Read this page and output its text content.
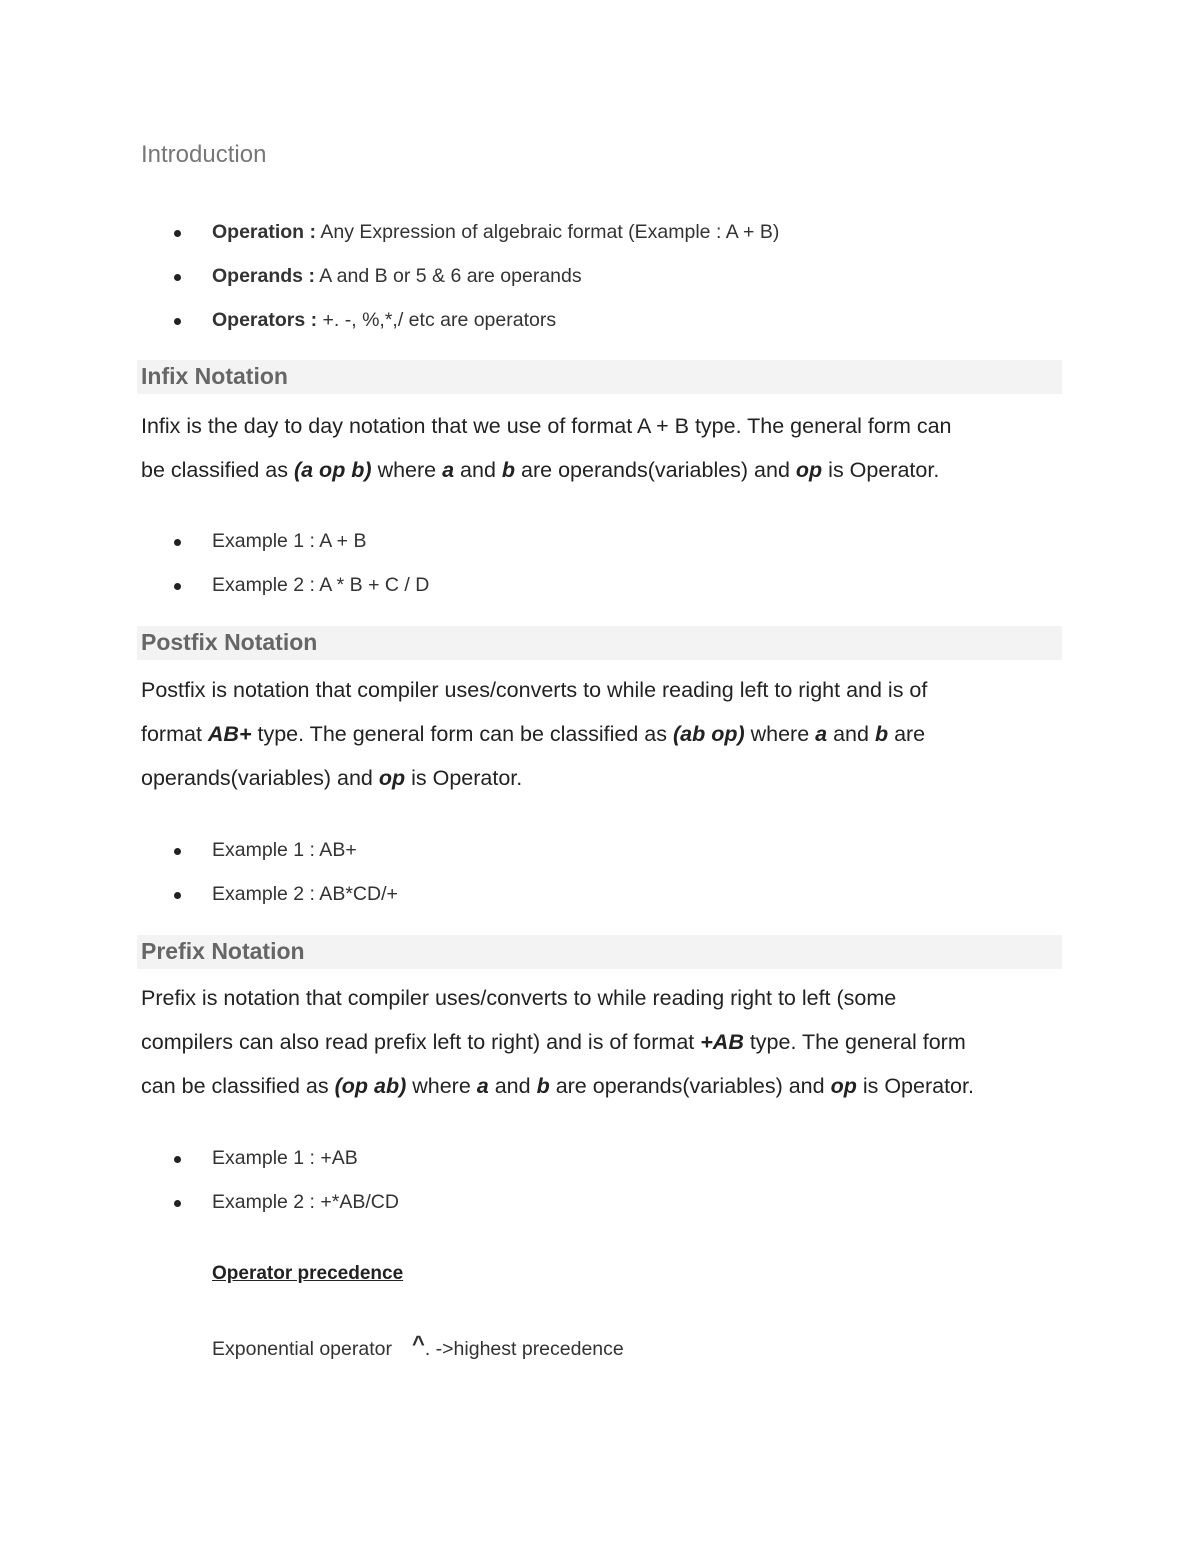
Introduction
Operator precedence
Exponential operator ^. ->highest precedence
Operation : Any Expression of algebraic format (Example : A + B)
Operands : A and B or 5 & 6 are operands
Operators : +. -, %,*,/ etc are operators
Infix Notation
Infix is the day to day notation that we use of format A + B type. The general form can
be classified as (a op b) where a and b are operands(variables) and op is Operator.
Example 1 : A + B
Example 2 : A * B + C / D
Postfix Notation
Postfix is notation that compiler uses/converts to while reading left to right and is of
format AB+ type. The general form can be classified as (ab op) where a and b are
operands(variables) and op is Operator.
Example 1 : AB+
Example 2 : AB*CD/+
Prefix Notation
Prefix is notation that compiler uses/converts to while reading right to left (some
compilers can also read prefix left to right) and is of format +AB type. The general form
can be classified as (op ab) where a and b are operands(variables) and op is Operator.
Example 1 : +AB
Example 2 : +*AB/CD
